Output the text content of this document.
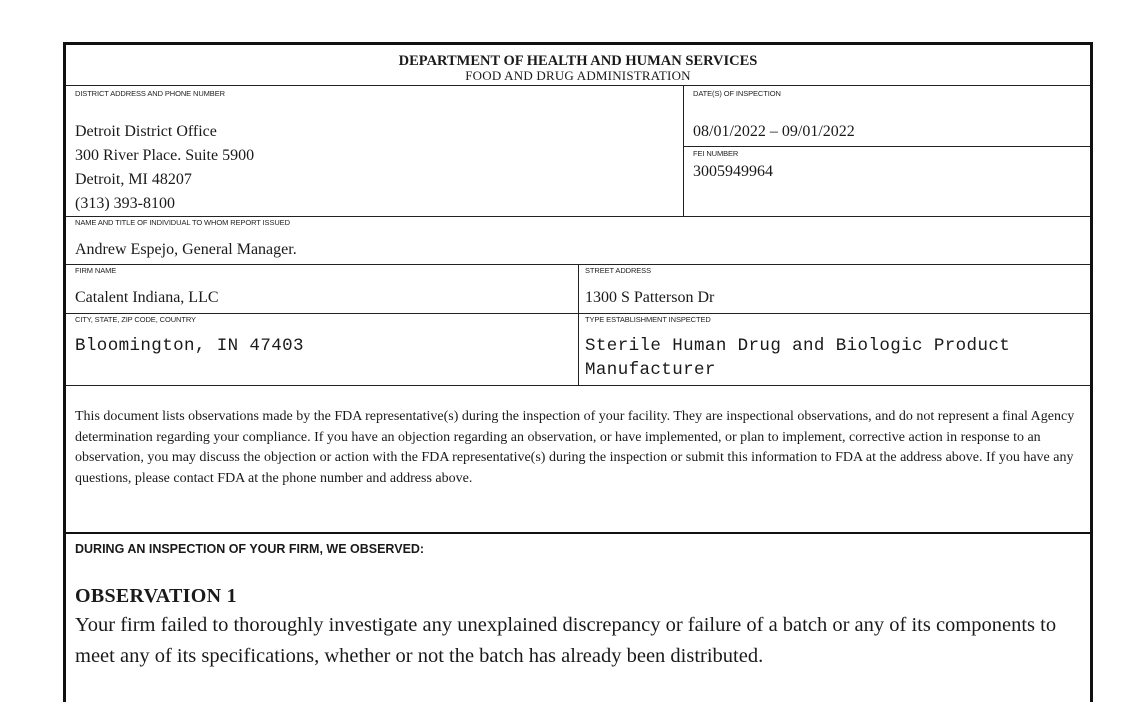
DEPARTMENT OF HEALTH AND HUMAN SERVICES
FOOD AND DRUG ADMINISTRATION
DISTRICT ADDRESS AND PHONE NUMBER
Detroit District Office
300 River Place. Suite 5900
Detroit, MI 48207
(313) 393-8100
DATE(S) OF INSPECTION
08/01/2022 – 09/01/2022
FEI NUMBER
3005949964
NAME AND TITLE OF INDIVIDUAL TO WHOM REPORT ISSUED
Andrew Espejo, General Manager.
FIRM NAME
Catalent Indiana, LLC
STREET ADDRESS
1300 S Patterson Dr
CITY, STATE, ZIP CODE, COUNTRY
Bloomington, IN 47403
TYPE ESTABLISHMENT INSPECTED
Sterile Human Drug and Biologic Product
Manufacturer
This document lists observations made by the FDA representative(s) during the inspection of your facility. They are inspectional observations, and do not represent a final Agency determination regarding your compliance. If you have an objection regarding an observation, or have implemented, or plan to implement, corrective action in response to an observation, you may discuss the objection or action with the FDA representative(s) during the inspection or submit this information to FDA at the address above. If you have any questions, please contact FDA at the phone number and address above.
DURING AN INSPECTION OF YOUR FIRM, WE OBSERVED:
OBSERVATION 1
Your firm failed to thoroughly investigate any unexplained discrepancy or failure of a batch or any of its components to meet any of its specifications, whether or not the batch has already been distributed.
